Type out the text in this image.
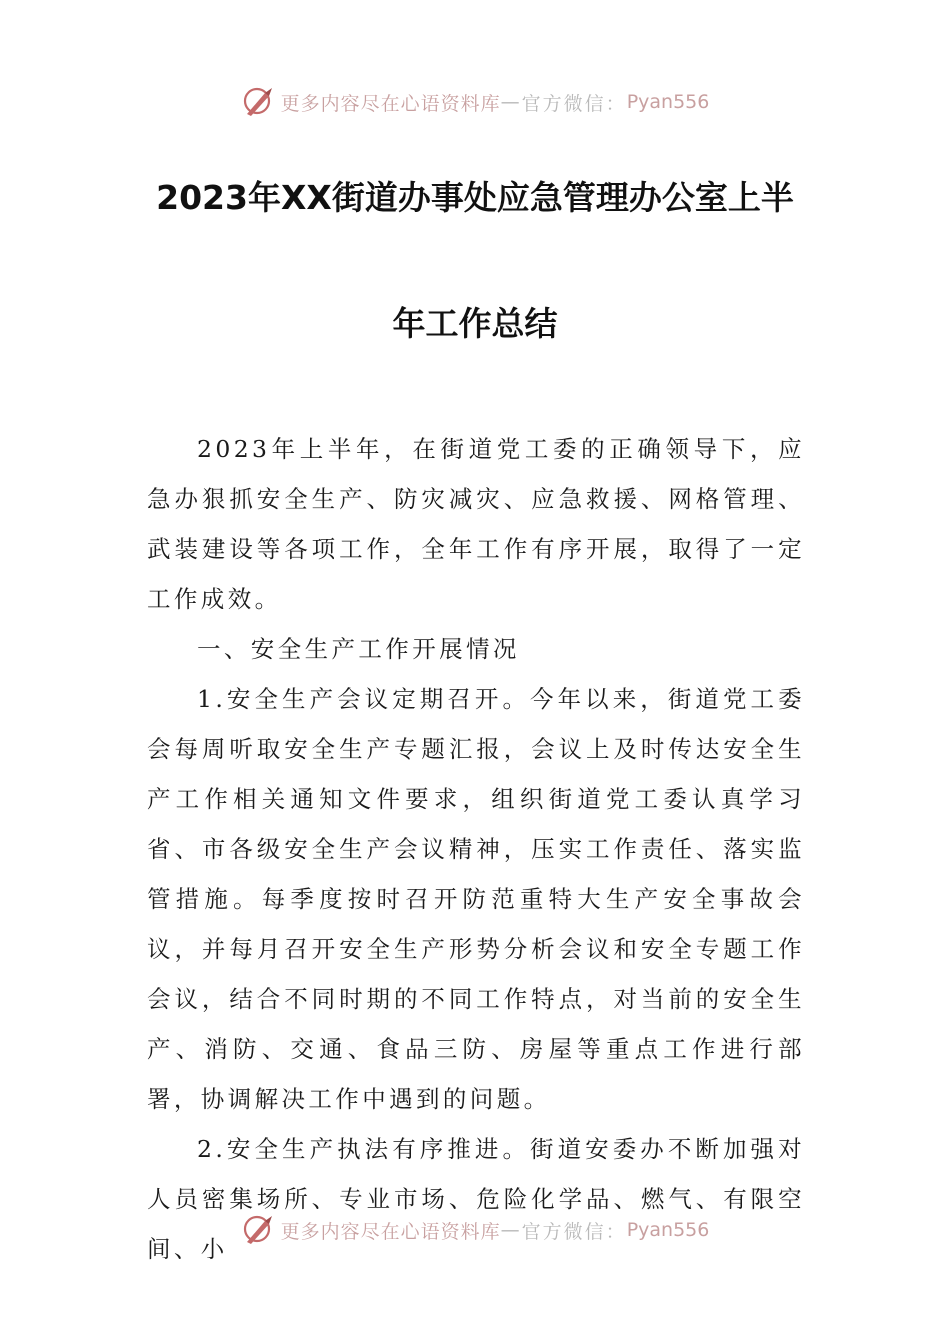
更多内容尽在心语资料库 — 官方微信： Pyan556
2023年XX街道办事处应急管理办公室上半
年工作总结

2023年上半年，在街道党工委的正确领导下，应急办狠抓安全生产、防灾减灾、应急救援、网格管理、武装建设等各项工作，全年工作有序开展，取得了一定工作成效。

一、安全生产工作开展情况

1.安全生产会议定期召开。今年以来，街道党工委会每周听取安全生产专题汇报，会议上及时传达安全生产工作相关通知文件要求，组织街道党工委认真学习省、市各级安全生产会议精神，压实工作责任、落实监管措施。每季度按时召开防范重特大生产安全事故会议，并每月召开安全生产形势分析会议和安全专题工作会议，结合不同时期的不同工作特点，对当前的安全生产、消防、交通、食品三防、房屋等重点工作进行部署，协调解决工作中遇到的问题。

2.安全生产执法有序推进。街道安委办不断加强对人员密集场所、专业市场、危险化学品、燃气、有限空间、小

更多内容尽在心语资料库 — 官方微信： Pyan556
